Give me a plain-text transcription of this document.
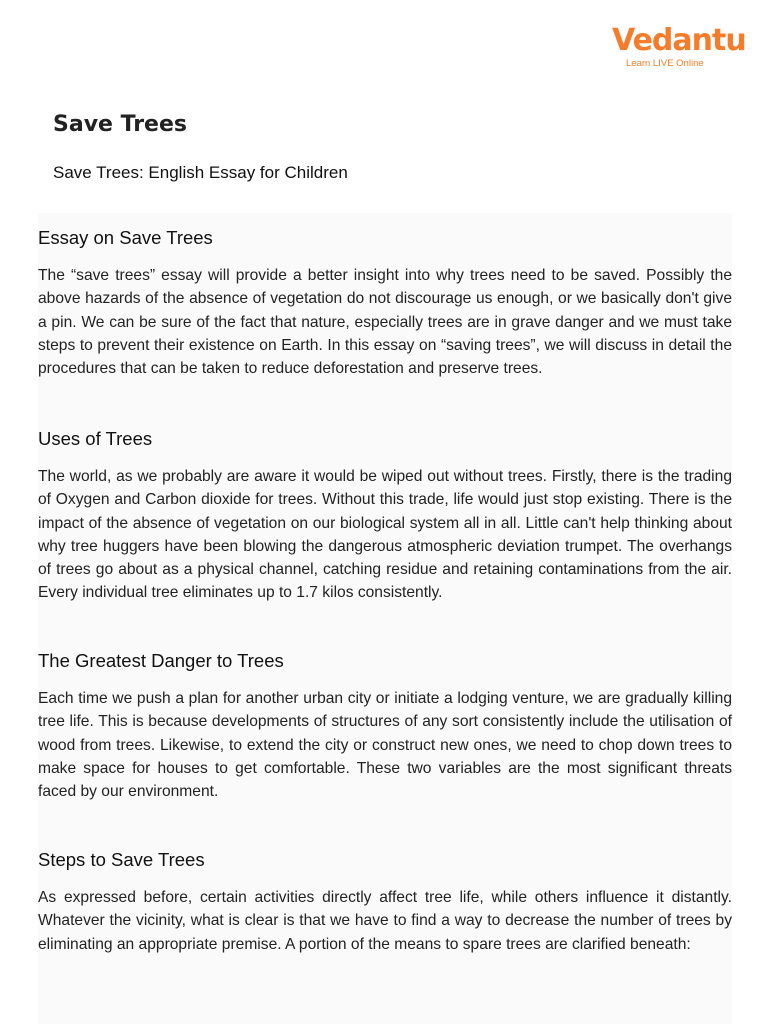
Vedantu
Learn LIVE Online
Save Trees
Save Trees: English Essay for Children
Essay on Save Trees

The “save trees” essay will provide a better insight into why trees need to be saved. Possibly the above hazards of the absence of vegetation do not discourage us enough, or we basically don't give a pin. We can be sure of the fact that nature, especially trees are in grave danger and we must take steps to prevent their existence on Earth. In this essay on “saving trees”, we will discuss in detail the procedures that can be taken to reduce deforestation and preserve trees.

Uses of Trees

The world, as we probably are aware it would be wiped out without trees. Firstly, there is the trading of Oxygen and Carbon dioxide for trees. Without this trade, life would just stop existing. There is the impact of the absence of vegetation on our biological system all in all. Little can't help thinking about why tree huggers have been blowing the dangerous atmospheric deviation trumpet. The overhangs of trees go about as a physical channel, catching residue and retaining contaminations from the air. Every individual tree eliminates up to 1.7 kilos consistently.

The Greatest Danger to Trees

Each time we push a plan for another urban city or initiate a lodging venture, we are gradually killing tree life. This is because developments of structures of any sort consistently include the utilisation of wood from trees. Likewise, to extend the city or construct new ones, we need to chop down trees to make space for houses to get comfortable. These two variables are the most significant threats faced by our environment.

Steps to Save Trees

As expressed before, certain activities directly affect tree life, while others influence it distantly. Whatever the vicinity, what is clear is that we have to find a way to decrease the number of trees by eliminating an appropriate premise. A portion of the means to spare trees are clarified beneath:
